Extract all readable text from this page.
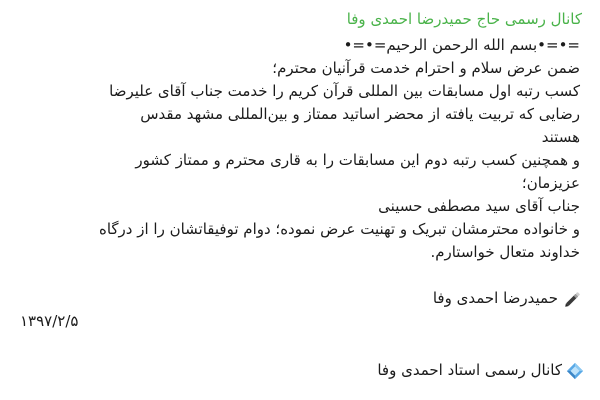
کانال رسمی حاج حمیدرضا احمدی وفا

=•=•بسم الله الرحمن الرحیم=•=•

ضمن عرض سلام و احترام خدمت قرآنیان محترم؛

کسب رتبه اول مسابقات بین المللی قرآن کریم را خدمت جناب آقای علیرضا

رضایی که تربیت یافته از محضر اساتید ممتاز و بین‌المللی مشهد مقدس

هستند

و همچنین کسب رتبه دوم این مسابقات را به قاری محترم و ممتاز کشور

عزیزمان؛

جناب آقای سید مصطفی حسینی

و خانواده محترمشان تبریک و تهنیت عرض نموده؛ دوام توفیقاتشان را از درگاه

خداوند متعال خواستارم.

حمیدرضا احمدی وفا
۱۳۹۷/۲/۵
کانال رسمی استاد احمدی وفا
